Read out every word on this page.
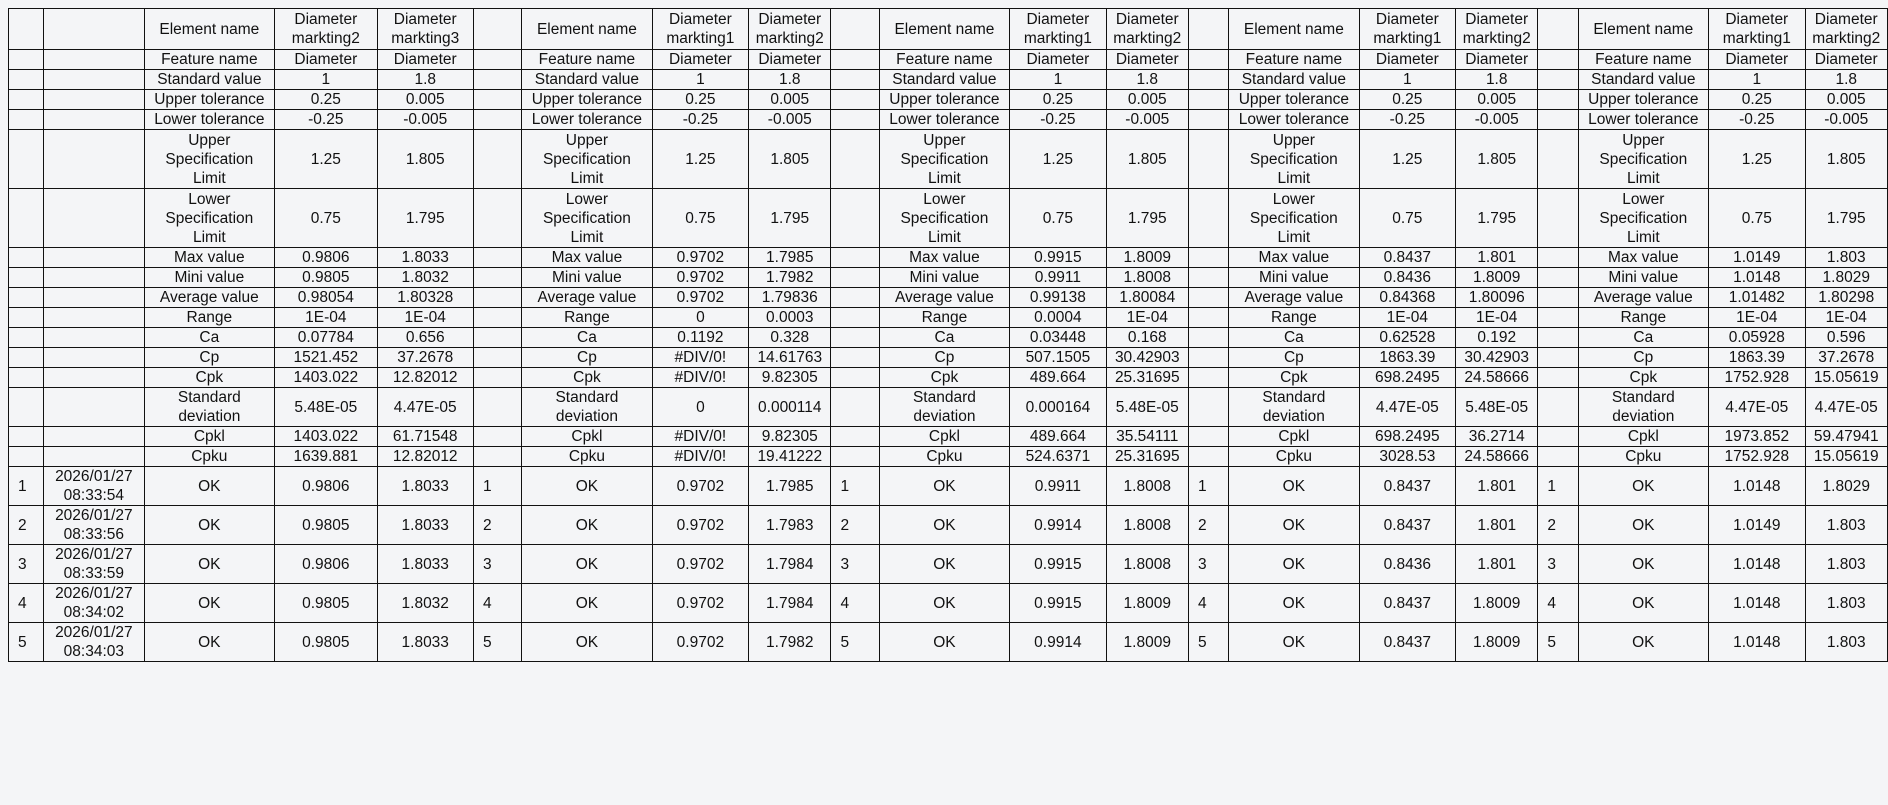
		Element name	Diameter
markting2	Diameter
markting3		Element name	Diameter
markting1	Diameter
markting2		Element name	Diameter
markting1	Diameter
markting2		Element name	Diameter
markting1	Diameter
markting2		Element name	Diameter
markting1	Diameter
markting2
		Feature name	Diameter	Diameter		Feature name	Diameter	Diameter		Feature name	Diameter	Diameter		Feature name	Diameter	Diameter		Feature name	Diameter	Diameter
		Standard value	1	1.8		Standard value	1	1.8		Standard value	1	1.8		Standard value	1	1.8		Standard value	1	1.8
		Upper tolerance	0.25	0.005		Upper tolerance	0.25	0.005		Upper tolerance	0.25	0.005		Upper tolerance	0.25	0.005		Upper tolerance	0.25	0.005
		Lower tolerance	-0.25	-0.005		Lower tolerance	-0.25	-0.005		Lower tolerance	-0.25	-0.005		Lower tolerance	-0.25	-0.005		Lower tolerance	-0.25	-0.005
		Upper
Specification
Limit	1.25	1.805		Upper
Specification
Limit	1.25	1.805		Upper
Specification
Limit	1.25	1.805		Upper
Specification
Limit	1.25	1.805		Upper
Specification
Limit	1.25	1.805
		Lower
Specification
Limit	0.75	1.795		Lower
Specification
Limit	0.75	1.795		Lower
Specification
Limit	0.75	1.795		Lower
Specification
Limit	0.75	1.795		Lower
Specification
Limit	0.75	1.795
		Max value	0.9806	1.8033		Max value	0.9702	1.7985		Max value	0.9915	1.8009		Max value	0.8437	1.801		Max value	1.0149	1.803
		Mini value	0.9805	1.8032		Mini value	0.9702	1.7982		Mini value	0.9911	1.8008		Mini value	0.8436	1.8009		Mini value	1.0148	1.8029
		Average value	0.98054	1.80328		Average value	0.9702	1.79836		Average value	0.99138	1.80084		Average value	0.84368	1.80096		Average value	1.01482	1.80298
		Range	1E-04	1E-04		Range	0	0.0003		Range	0.0004	1E-04		Range	1E-04	1E-04		Range	1E-04	1E-04
		Ca	0.07784	0.656		Ca	0.1192	0.328		Ca	0.03448	0.168		Ca	0.62528	0.192		Ca	0.05928	0.596
		Cp	1521.452	37.2678		Cp	#DIV/0!	14.61763		Cp	507.1505	30.42903		Cp	1863.39	30.42903		Cp	1863.39	37.2678
		Cpk	1403.022	12.82012		Cpk	#DIV/0!	9.82305		Cpk	489.664	25.31695		Cpk	698.2495	24.58666		Cpk	1752.928	15.05619
		Standard
deviation	5.48E-05	4.47E-05		Standard
deviation	0	0.000114		Standard
deviation	0.000164	5.48E-05		Standard
deviation	4.47E-05	5.48E-05		Standard
deviation	4.47E-05	4.47E-05
		Cpkl	1403.022	61.71548		Cpkl	#DIV/0!	9.82305		Cpkl	489.664	35.54111		Cpkl	698.2495	36.2714		Cpkl	1973.852	59.47941
		Cpku	1639.881	12.82012		Cpku	#DIV/0!	19.41222		Cpku	524.6371	25.31695		Cpku	3028.53	24.58666		Cpku	1752.928	15.05619
1	2026/01/27
08:33:54	OK	0.9806	1.8033	1	OK	0.9702	1.7985	1	OK	0.9911	1.8008	1	OK	0.8437	1.801	1	OK	1.0148	1.8029
2	2026/01/27
08:33:56	OK	0.9805	1.8033	2	OK	0.9702	1.7983	2	OK	0.9914	1.8008	2	OK	0.8437	1.801	2	OK	1.0149	1.803
3	2026/01/27
08:33:59	OK	0.9806	1.8033	3	OK	0.9702	1.7984	3	OK	0.9915	1.8008	3	OK	0.8436	1.801	3	OK	1.0148	1.803
4	2026/01/27
08:34:02	OK	0.9805	1.8032	4	OK	0.9702	1.7984	4	OK	0.9915	1.8009	4	OK	0.8437	1.8009	4	OK	1.0148	1.803
5	2026/01/27
08:34:03	OK	0.9805	1.8033	5	OK	0.9702	1.7982	5	OK	0.9914	1.8009	5	OK	0.8437	1.8009	5	OK	1.0148	1.803
